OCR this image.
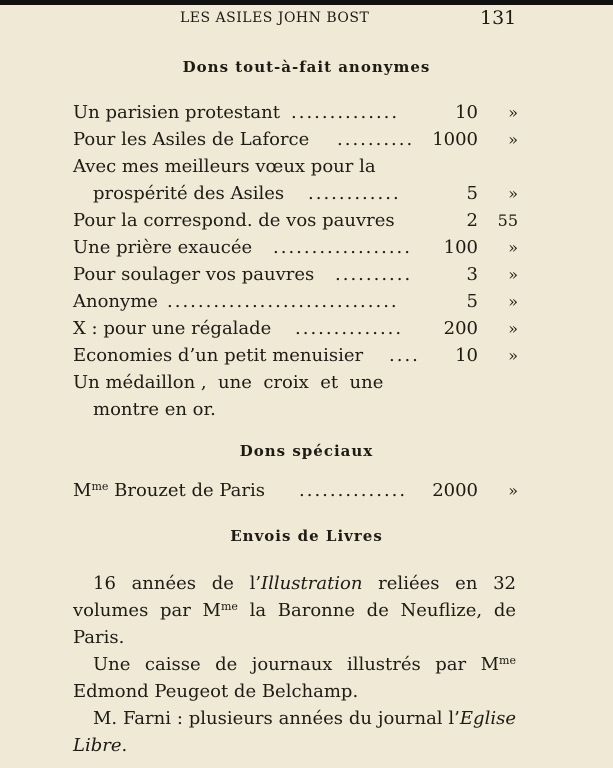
LES ASILES JOHN BOST	131
Dons tout-à-fait anonymes
Un parisien protestant ..............	10	»
Pour les Asiles de Laforce .......... 1000	»
Avec mes meilleurs vœux pour la
prospérité des Asiles ............	5	»
Pour la correspond. de vos pauvres	2	55
Une prière exaucée ..................	100	»
Pour soulager vos pauvres ..........	3	»
Anonyme ..............................	5	»
X : pour une régalade ..............	200	»
Economies d’un petit menuisier ....	10	»

Un médaillon ,  une  croix  et  une

montre en or.
Dons spéciaux
$M^{me}$ Brouzet de Paris ..............	2000	»
Envois de Livres
16 années de l’Illustration reliées en 32 volumes par $M^{me}$ la Baronne de Neuflize, de Paris.
Une caisse de journaux illustrés par $M^{me}$ Edmond Peugeot de Belchamp.
M. Farni : plusieurs années du journal l’Eglise Libre.
